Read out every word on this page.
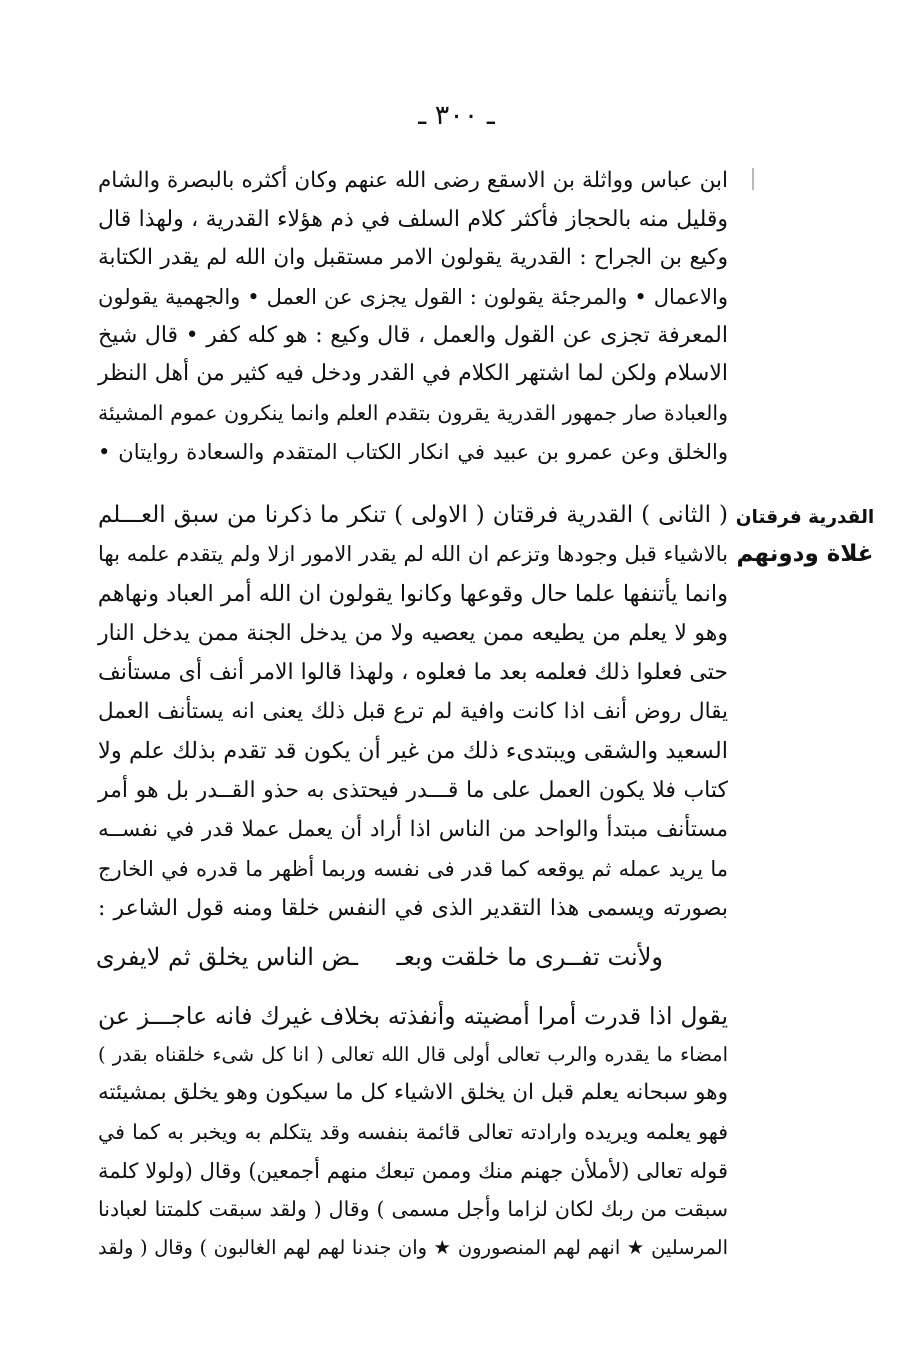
ـ ٣٠٠ ـ
ابن عباس وواثلة بن الاسقع رضى الله عنهم وكان أكثره بالبصرة والشام
وقليل منه بالحجاز فأكثر كلام السلف في ذم هؤلاء القدرية ، ولهذا قال
وكيع بن الجراح : القدرية يقولون الامر مستقبل وان الله لم يقدر الكتابة
والاعمال • والمرجئة يقولون : القول يجزى عن العمل • والجهمية يقولون
المعرفة تجزى عن القول والعمل ، قال وكيع : هو كله كفر • قال شيخ
الاسلام ولكن لما اشتهر الكلام في القدر ودخل فيه كثير من أهل النظر
والعبادة صار جمهور القدرية يقرون بتقدم العلم وانما ينكرون عموم المشيئة
والخلق وعن عمرو بن عبيد في انكار الكتاب المتقدم والسعادة روايتان •
القدرية فرقتان
غلاة ودونهم
( الثانى ) القدرية فرقتان ( الاولى ) تنكر ما ذكرنا من سبق العـــلم
بالاشياء قبل وجودها وتزعم ان الله لم يقدر الامور ازلا ولم يتقدم علمه بها
وانما يأتنفها علما حال وقوعها وكانوا يقولون ان الله أمر العباد ونهاهم
وهو لا يعلم من يطيعه ممن يعصيه ولا من يدخل الجنة ممن يدخل النار
حتى فعلوا ذلك فعلمه بعد ما فعلوه ، ولهذا قالوا الامر أنف أى مستأنف
يقال روض أنف اذا كانت وافية لم ترع قبل ذلك يعنى انه يستأنف العمل
السعيد والشقى ويبتدىء ذلك من غير أن يكون قد تقدم بذلك علم ولا
كتاب فلا يكون العمل على ما قـــدر فيحتذى به حذو القــدر بل هو أمر
مستأنف مبتدأ والواحد من الناس اذا أراد أن يعمل عملا قدر في نفســه
ما يريد عمله ثم يوقعه كما قدر فى نفسه وربما أظهر ما قدره في الخارج
بصورته ويسمى هذا التقدير الذى في النفس خلقا ومنه قول الشاعر :
ولأنت تفــرى ما خلقت وبعـ
ـض الناس يخلق ثم لايفرى
يقول اذا قدرت أمرا أمضيته وأنفذته بخلاف غيرك فانه عاجـــز عن
امضاء ما يقدره والرب تعالى أولى قال الله تعالى ( انا كل شىء خلقناه بقدر )
وهو سبحانه يعلم قبل ان يخلق الاشياء كل ما سيكون وهو يخلق بمشيئته
فهو يعلمه ويريده وارادته تعالى قائمة بنفسه وقد يتكلم به ويخبر به كما في
قوله تعالى (لأملأن جهنم منك وممن تبعك منهم أجمعين) وقال (ولولا كلمة
سبقت من ربك لكان لزاما وأجل مسمى ) وقال ( ولقد سبقت كلمتنا لعبادنا
المرسلين ★ انهم لهم المنصورون ★ وان جندنا لهم لهم الغالبون ) وقال ( ولقد
